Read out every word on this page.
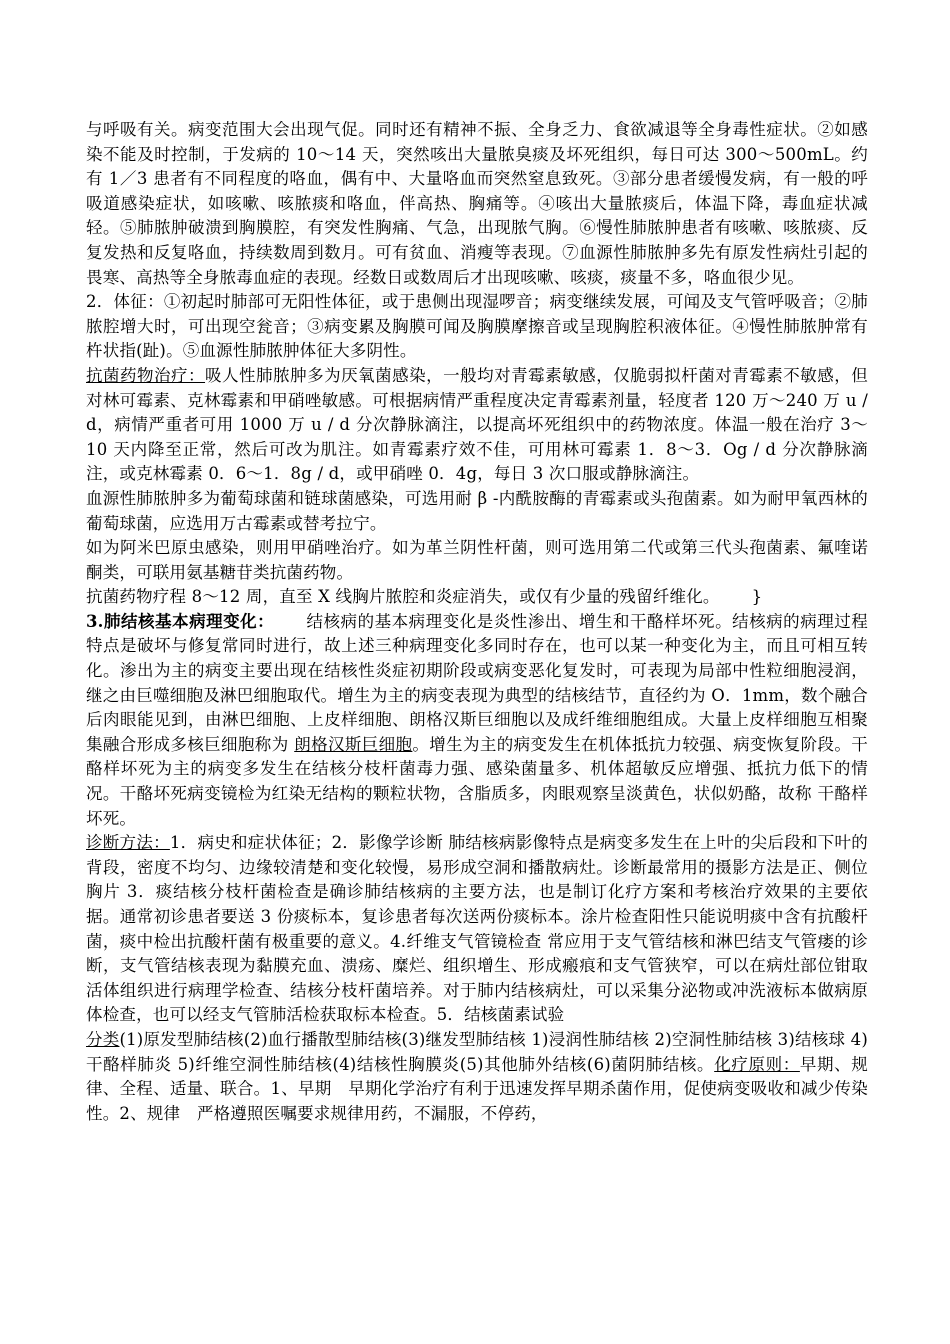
与呼吸有关。病变范围大会出现气促。同时还有精神不振、全身乏力、食欲减退等全身毒性症状。②如感染不能及时控制，于发病的 10～14 天，突然咳出大量脓臭痰及坏死组织，每日可达 300～500mL。约有 1／3 患者有不同程度的咯血，偶有中、大量咯血而突然窒息致死。③部分患者缓慢发病，有一般的呼吸道感染症状，如咳嗽、咳脓痰和咯血，伴高热、胸痛等。④咳出大量脓痰后，体温下降，毒血症状减轻。⑤肺脓肿破溃到胸膜腔，有突发性胸痛、气急，出现脓气胸。⑥慢性肺脓肿患者有咳嗽、咳脓痰、反复发热和反复咯血，持续数周到数月。可有贫血、消瘦等表现。⑦血源性肺脓肿多先有原发性病灶引起的畏寒、高热等全身脓毒血症的表现。经数日或数周后才出现咳嗽、咳痰，痰量不多，咯血很少见。

2．体征：①初起时肺部可无阳性体征，或于患侧出现湿啰音；病变继续发展，可闻及支气管呼吸音；②肺脓腔增大时，可出现空瓮音；③病变累及胸膜可闻及胸膜摩擦音或呈现胸腔积液体征。④慢性肺脓肿常有杵状指(趾)。⑤血源性肺脓肿体征大多阴性。

抗菌药物治疗：吸人性肺脓肿多为厌氧菌感染，一般均对青霉素敏感，仅脆弱拟杆菌对青霉素不敏感，但对林可霉素、克林霉素和甲硝唑敏感。可根据病情严重程度决定青霉素剂量，轻度者 120 万～240 万 u / d，病情严重者可用 1000 万 u / d 分次静脉滴注，以提高坏死组织中的药物浓度。体温一般在治疗 3～10 天内降至正常，然后可改为肌注。如青霉素疗效不佳，可用林可霉素 1．8～3．Og / d 分次静脉滴注，或克林霉素 0．6～1．8g / d，或甲硝唑 0．4g，每日 3 次口服或静脉滴注。

血源性肺脓肿多为葡萄球菌和链球菌感染，可选用耐 β -内酰胺酶的青霉素或头孢菌素。如为耐甲氧西林的葡萄球菌，应选用万古霉素或替考拉宁。

如为阿米巴原虫感染，则用甲硝唑治疗。如为革兰阴性杆菌，则可选用第二代或第三代头孢菌素、氟喹诺酮类，可联用氨基糖苷类抗菌药物。

抗菌药物疗程 8～12 周，直至 X 线胸片脓腔和炎症消失，或仅有少量的残留纤维化。 }

3.肺结核基本病理变化： 结核病的基本病理变化是炎性渗出、增生和干酪样坏死。结核病的病理过程特点是破坏与修复常同时进行，故上述三种病理变化多同时存在，也可以某一种变化为主，而且可相互转化。渗出为主的病变主要出现在结核性炎症初期阶段或病变恶化复发时，可表现为局部中性粒细胞浸润，继之由巨噬细胞及淋巴细胞取代。增生为主的病变表现为典型的结核结节，直径约为 O．1mm，数个融合后肉眼能见到，由淋巴细胞、上皮样细胞、朗格汉斯巨细胞以及成纤维细胞组成。大量上皮样细胞互相聚集融合形成多核巨细胞称为 朗格汉斯巨细胞。增生为主的病变发生在机体抵抗力较强、病变恢复阶段。干酪样坏死为主的病变多发生在结核分枝杆菌毒力强、感染菌量多、机体超敏反应增强、抵抗力低下的情况。干酪坏死病变镜检为红染无结构的颗粒状物，含脂质多，肉眼观察呈淡黄色，状似奶酪，故称 干酪样坏死。

诊断方法：1．病史和症状体征；2．影像学诊断 肺结核病影像特点是病变多发生在上叶的尖后段和下叶的背段，密度不均匀、边缘较清楚和变化较慢，易形成空洞和播散病灶。诊断最常用的摄影方法是正、侧位胸片 3．痰结核分枝杆菌检查是确诊肺结核病的主要方法，也是制订化疗方案和考核治疗效果的主要依据。通常初诊患者要送 3 份痰标本，复诊患者每次送两份痰标本。涂片检查阳性只能说明痰中含有抗酸杆菌，痰中检出抗酸杆菌有极重要的意义。4.纤维支气管镜检查 常应用于支气管结核和淋巴结支气管瘘的诊断，支气管结核表现为黏膜充血、溃疡、糜烂、组织增生、形成瘢痕和支气管狭窄，可以在病灶部位钳取活体组织进行病理学检查、结核分枝杆菌培养。对于肺内结核病灶，可以采集分泌物或冲洗液标本做病原体检查，也可以经支气管肺活检获取标本检查。5．结核菌素试验

分类(1)原发型肺结核(2)血行播散型肺结核(3)继发型肺结核 1)浸润性肺结核 2)空洞性肺结核 3)结核球 4)干酪样肺炎 5)纤维空洞性肺结核(4)结核性胸膜炎(5)其他肺外结核(6)菌阴肺结核。化疗原则：早期、规律、全程、适量、联合。1、早期　早期化学治疗有利于迅速发挥早期杀菌作用，促使病变吸收和减少传染性。2、规律　严格遵照医嘱要求规律用药，不漏服，不停药，
